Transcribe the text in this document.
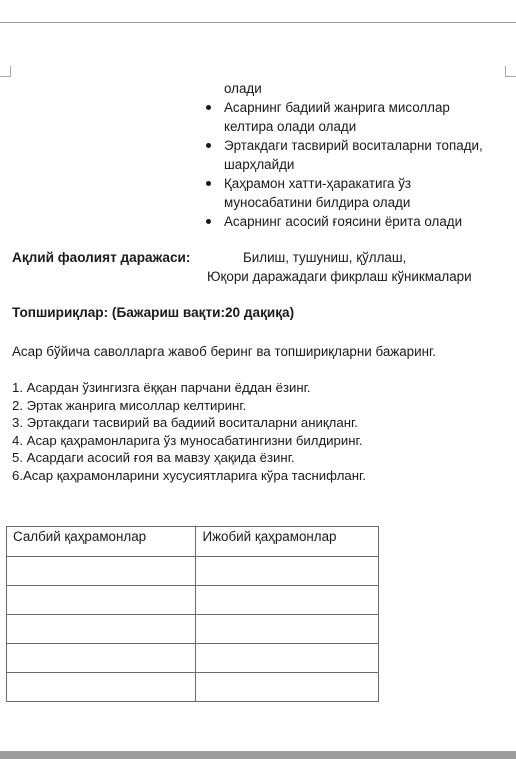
олади
Асарнинг бадиий жанрига мисоллар
келтира олади олади
Эртакдаги тасвирий воситаларни топади,
шарҳлайди
Қаҳрамон хатти-ҳаракатига ўз
муносабатини билдира олади
Асарнинг асосий ғоясини ёрита олади
Ақлий фаолият даражаси:	Билиш, тушуниш, қўллаш,
Юқори даражадаги фикрлаш кўникмалари
Топшириқлар: (Бажариш вақти:20 дақиқа)
Асар бўйича саволларга жавоб беринг ва топшириқларни бажаринг.
1. Асардан ўзингизга ёққан парчани ёддан ёзинг.
2. Эртак жанрига мисоллар келтиринг.
3. Эртакдаги тасвирий ва бадиий воситаларни аниқланг.
4. Асар қаҳрамонларига ўз муносабатингизни билдиринг.
5. Асардаги асосий ғоя ва мавзу ҳақида ёзинг.
6.Асар қаҳрамонларини хусусиятларига кўра таснифланг.
Салбий қаҳрамонлар	Ижобий қаҳрамонлар
